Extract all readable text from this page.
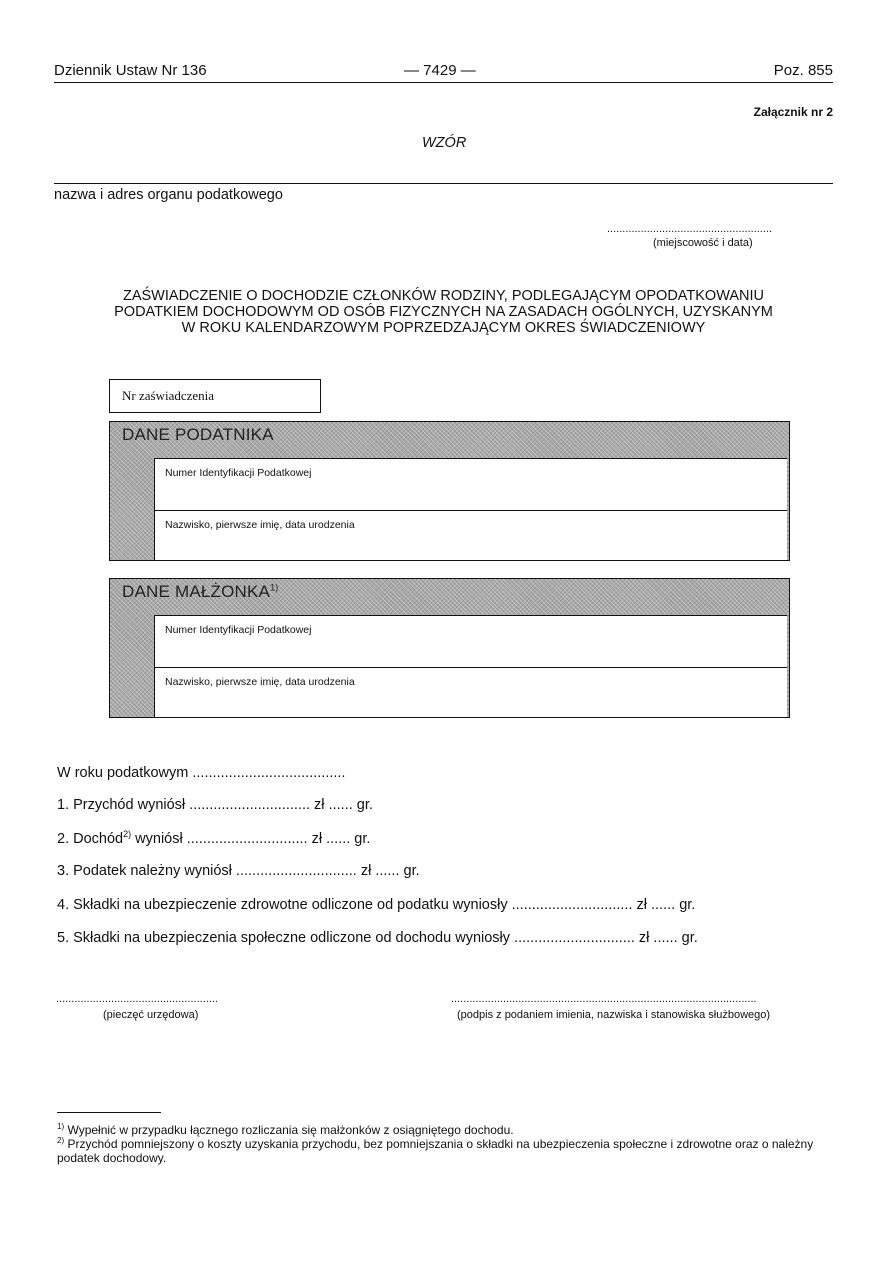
Dziennik Ustaw Nr 136	— 7429 —	Poz. 855
Załącznik nr 2
WZÓR
nazwa i adres organu podatkowego
......................................................
(miejscowość i data)
ZAŚWIADCZENIE O DOCHODZIE CZŁONKÓW RODZINY, PODLEGAJĄCYM OPODATKOWANIU
PODATKIEM DOCHODOWYM OD OSÓB FIZYCZNYCH NA ZASADACH OGÓLNYCH, UZYSKANYM
W ROKU KALENDARZOWYM POPRZEDZAJĄCYM OKRES ŚWIADCZENIOWY
Nr zaświadczenia
DANE PODATNIKA
Numer Identyfikacji Podatkowej
Nazwisko, pierwsze imię, data urodzenia
DANE MAŁŻONKA$^{1)}$
Numer Identyfikacji Podatkowej
Nazwisko, pierwsze imię, data urodzenia
W roku podatkowym ......................................
1. Przychód wyniósł .............................. zł ...... gr.
2. Dochód$^{2)}$ wyniósł .............................. zł ...... gr.
3. Podatek należny wyniósł .............................. zł ...... gr.
4. Składki na ubezpieczenie zdrowotne odliczone od podatku wyniosły .............................. zł ...... gr.
5. Składki na ubezpieczenia społeczne odliczone od dochodu wyniosły .............................. zł ...... gr.
.....................................................
(pieczęć urzędowa)
....................................................................................................
(podpis z podaniem imienia, nazwiska i stanowiska służbowego)
$^{1)}$ Wypełnić w przypadku łącznego rozliczania się małżonków z osiągniętego dochodu.
$^{2)}$ Przychód pomniejszony o koszty uzyskania przychodu, bez pomniejszania o składki na ubezpieczenia społeczne i zdrowotne oraz o należny podatek dochodowy.
